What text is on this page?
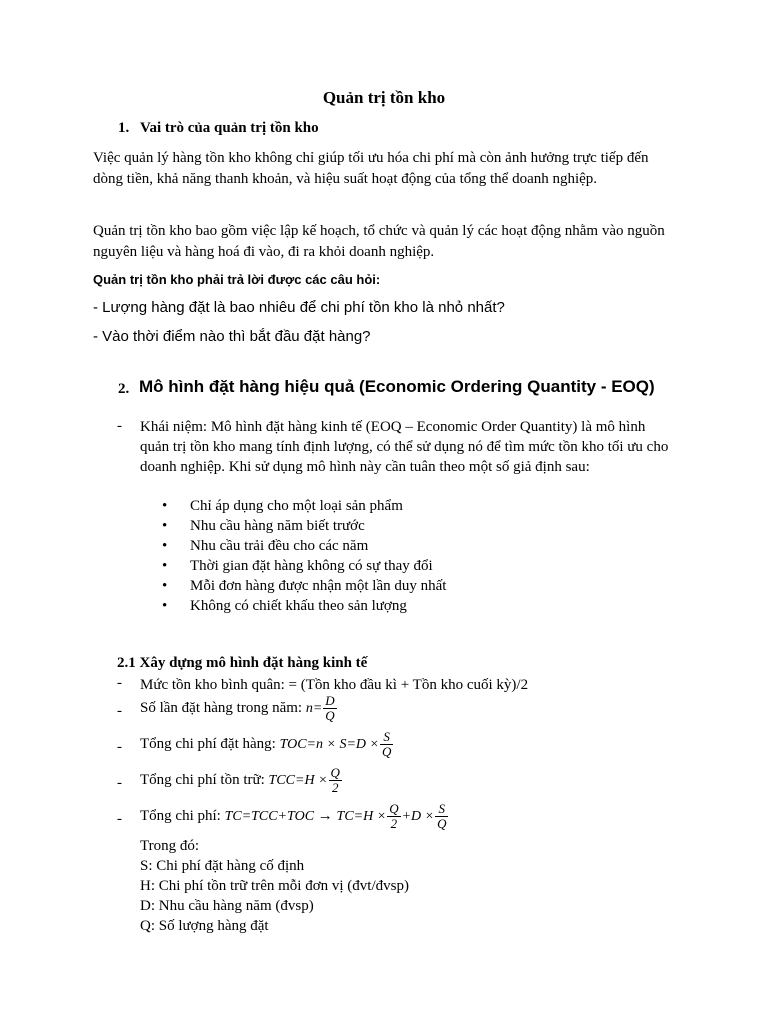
Quản trị tồn kho
1. Vai trò của quản trị tồn kho
Việc quản lý hàng tồn kho không chỉ giúp tối ưu hóa chi phí mà còn ảnh hưởng trực tiếp đến dòng tiền, khả năng thanh khoản, và hiệu suất hoạt động của tổng thể doanh nghiệp.
Quản trị tồn kho bao gồm việc lập kế hoạch, tổ chức và quản lý các hoạt động nhằm vào nguồn nguyên liệu và hàng hoá đi vào, đi ra khỏi doanh nghiệp.
Quản trị tồn kho phải trả lời được các câu hỏi:
- Lượng hàng đặt là bao nhiêu để chi phí tồn kho là nhỏ nhất?
- Vào thời điểm nào thì bắt đầu đặt hàng?
2. Mô hình đặt hàng hiệu quả (Economic Ordering Quantity - EOQ)
- Khái niệm: Mô hình đặt hàng kinh tế (EOQ – Economic Order Quantity) là mô hình quản trị tồn kho mang tính định lượng, có thể sử dụng nó để tìm mức tồn kho tối ưu cho doanh nghiệp. Khi sử dụng mô hình này cần tuân theo một số giả định sau:
• Chỉ áp dụng cho một loại sản phẩm
• Nhu cầu hàng năm biết trước
• Nhu cầu trải đều cho các năm
• Thời gian đặt hàng không có sự thay đổi
• Mỗi đơn hàng được nhận một lần duy nhất
• Không có chiết khấu theo sản lượng
2.1 Xây dựng mô hình đặt hàng kinh tế
- Mức tồn kho bình quân: = (Tồn kho đầu kì + Tồn kho cuối kỳ)/2
- Số lần đặt hàng trong năm: $n= \frac{D}{Q}$
- Tổng chi phí đặt hàng: $TOC=n \times S=D \times \frac{S}{Q}$
- Tổng chi phí tồn trữ: $TCC=H \times \frac{Q}{2}$
- Tổng chi phí: $TC=TCC+TOC \to TC=H \times \frac{Q}{2} +D \times \frac{S}{Q}$
Trong đó:
S: Chi phí đặt hàng cố định
H: Chi phí tồn trữ trên mỗi đơn vị (đvt/đvsp)
D: Nhu cầu hàng năm (đvsp)
Q: Số lượng hàng đặt
